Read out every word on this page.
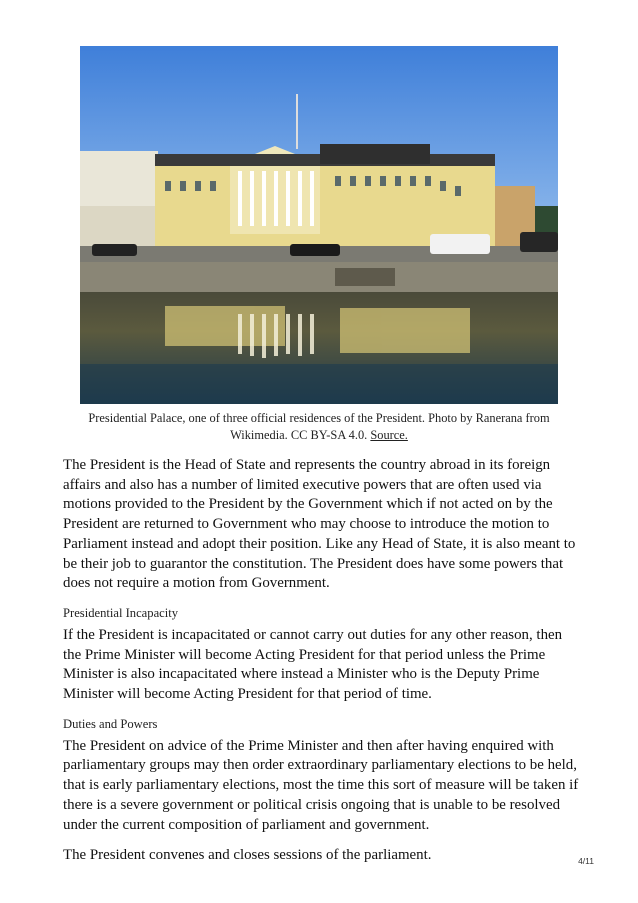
Presidential Palace, one of three official residences of the President. Photo by Ranerana from Wikimedia. CC BY-SA 4.0. Source.

The President is the Head of State and represents the country abroad in its foreign affairs and also has a number of limited executive powers that are often used via motions provided to the President by the Government which if not acted on by the President are returned to Government who may choose to introduce the motion to Parliament instead and adopt their position. Like any Head of State, it is also meant to be their job to guarantor the constitution. The President does have some powers that does not require a motion from Government.

Presidential Incapacity

If the President is incapacitated or cannot carry out duties for any other reason, then the Prime Minister will become Acting President for that period unless the Prime Minister is also incapacitated where instead a Minister who is the Deputy Prime Minister will become Acting President for that period of time.

Duties and Powers

The President on advice of the Prime Minister and then after having enquired with parliamentary groups may then order extraordinary parliamentary elections to be held, that is early parliamentary elections, most the time this sort of measure will be taken if there is a severe government or political crisis ongoing that is unable to be resolved under the current composition of parliament and government.

The President convenes and closes sessions of the parliament.	4/11
